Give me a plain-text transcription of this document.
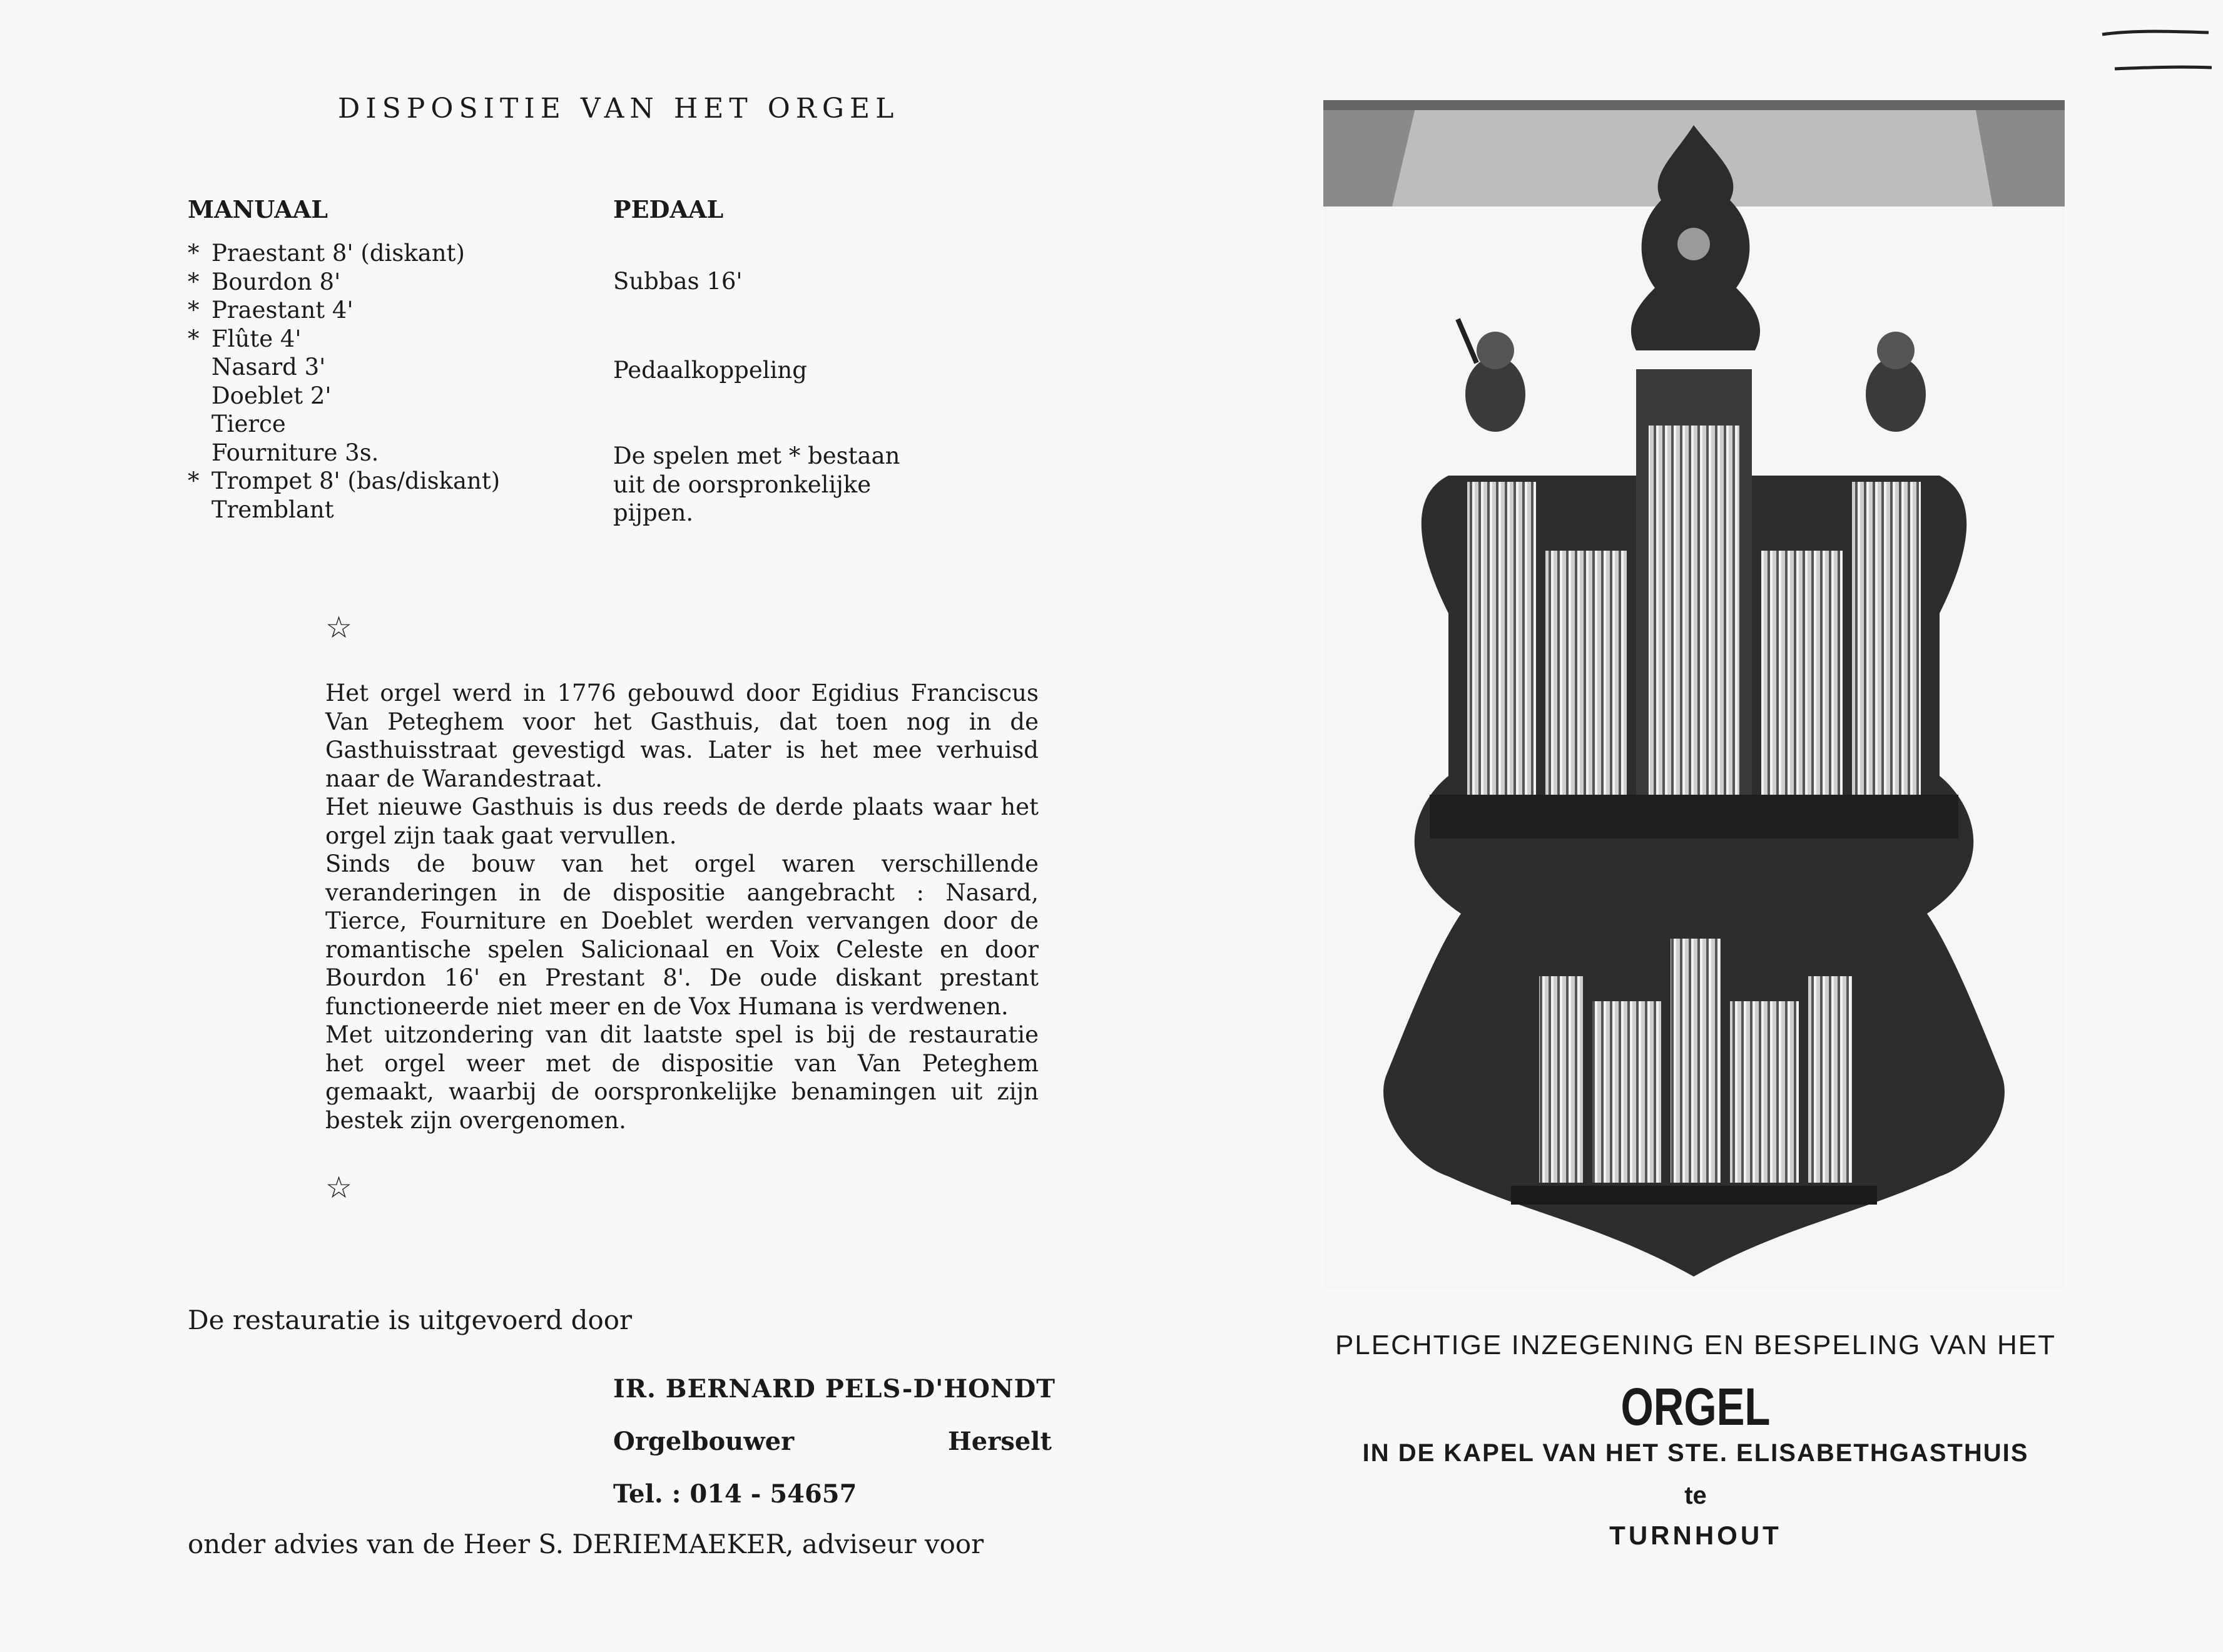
DISPOSITIE VAN HET ORGEL
MANUAAL	PEDAAL
* Praestant 8' (diskant)
* Bourdon 8'
* Praestant 4'
* Flûte 4'
Nasard 3'
Doeblet 2'
Tierce
Fourniture 3s.
* Trompet 8' (bas/diskant)
Tremblant
Subbas 16'
Pedaalkoppeling
De spelen met * bestaan uit de oorspronkelijke pijpen.
☆

Het orgel werd in 1776 gebouwd door Egidius Franciscus Van Peteghem voor het Gasthuis, dat toen nog in de Gasthuisstraat gevestigd was. Later is het mee verhuisd naar de Warandestraat.

Het nieuwe Gasthuis is dus reeds de derde plaats waar het orgel zijn taak gaat vervullen.

Sinds de bouw van het orgel waren verschillende veranderingen in de dispositie aangebracht : Nasard, Tierce, Fourniture en Doeblet werden vervangen door de romantische spelen Salicionaal en Voix Celeste en door Bourdon 16' en Prestant 8'. De oude diskant prestant functioneerde niet meer en de Vox Humana is verdwenen.

Met uitzondering van dit laatste spel is bij de restauratie het orgel weer met de dispositie van Van Peteghem gemaakt, waarbij de oorspronkelijke benamingen uit zijn bestek zijn overgenomen.

☆
De restauratie is uitgevoerd door
IR. BERNARD PELS-D'HONDT
Orgelbouwer	Herselt
Tel. : 014 - 54657
onder advies van de Heer S. DERIEMAEKER, adviseur voor
PLECHTIGE INZEGENING EN BESPELING VAN HET
ORGEL
IN DE KAPEL VAN HET STE. ELISABETHGASTHUIS
te
TURNHOUT
